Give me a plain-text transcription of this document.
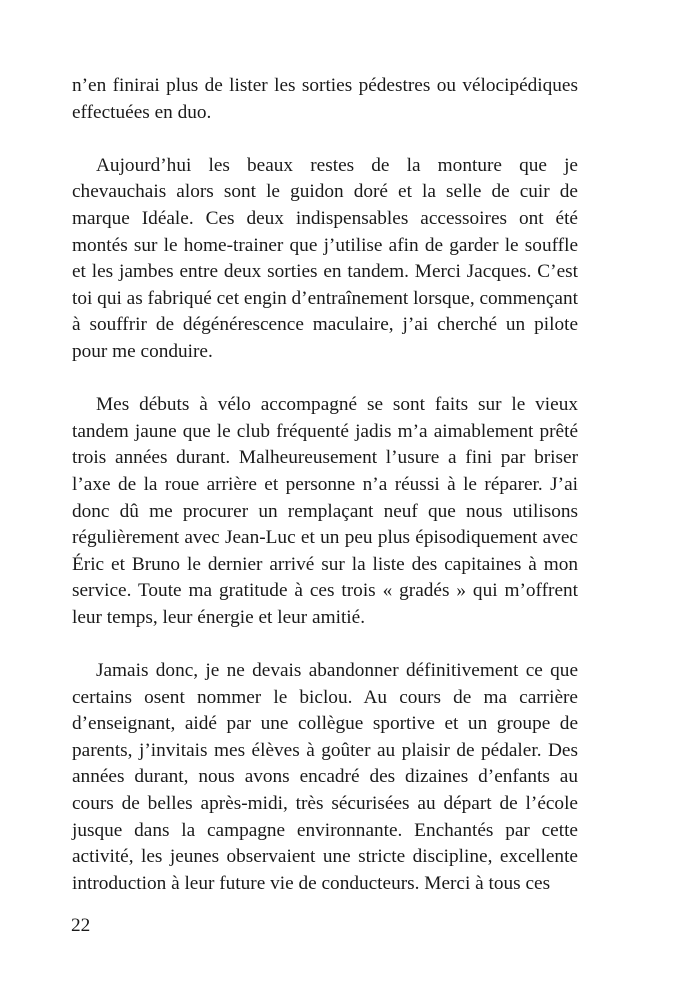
n’en finirai plus de lister les sorties pédestres ou vélocipédiques effectuées en duo.

Aujourd’hui les beaux restes de la monture que je chevauchais alors sont le guidon doré et la selle de cuir de marque Idéale. Ces deux indispensables accessoires ont été montés sur le home-trainer que j’utilise afin de garder le souffle et les jambes entre deux sorties en tandem. Merci Jacques. C’est toi qui as fabriqué cet engin d’entraînement lorsque, commençant à souffrir de dégénérescence maculaire, j’ai cherché un pilote pour me conduire.

Mes débuts à vélo accompagné se sont faits sur le vieux tandem jaune que le club fréquenté jadis m’a aimablement prêté trois années durant. Malheureusement l’usure a fini par briser l’axe de la roue arrière et personne n’a réussi à le réparer. J’ai donc dû me procurer un remplaçant neuf que nous utilisons régulièrement avec Jean-Luc et un peu plus épisodiquement avec Éric et Bruno le dernier arrivé sur la liste des capitaines à mon service. Toute ma gratitude à ces trois « gradés » qui m’offrent leur temps, leur énergie et leur amitié.

Jamais donc, je ne devais abandonner définitivement ce que certains osent nommer le biclou. Au cours de ma carrière d’enseignant, aidé par une collègue sportive et un groupe de parents, j’invitais mes élèves à goûter au plaisir de pédaler. Des années durant, nous avons encadré des dizaines d’enfants au cours de belles après-midi, très sécurisées au départ de l’école jusque dans la campagne environnante. Enchantés par cette activité, les jeunes observaient une stricte discipline, excellente introduction à leur future vie de conducteurs. Merci à tous ces

22
